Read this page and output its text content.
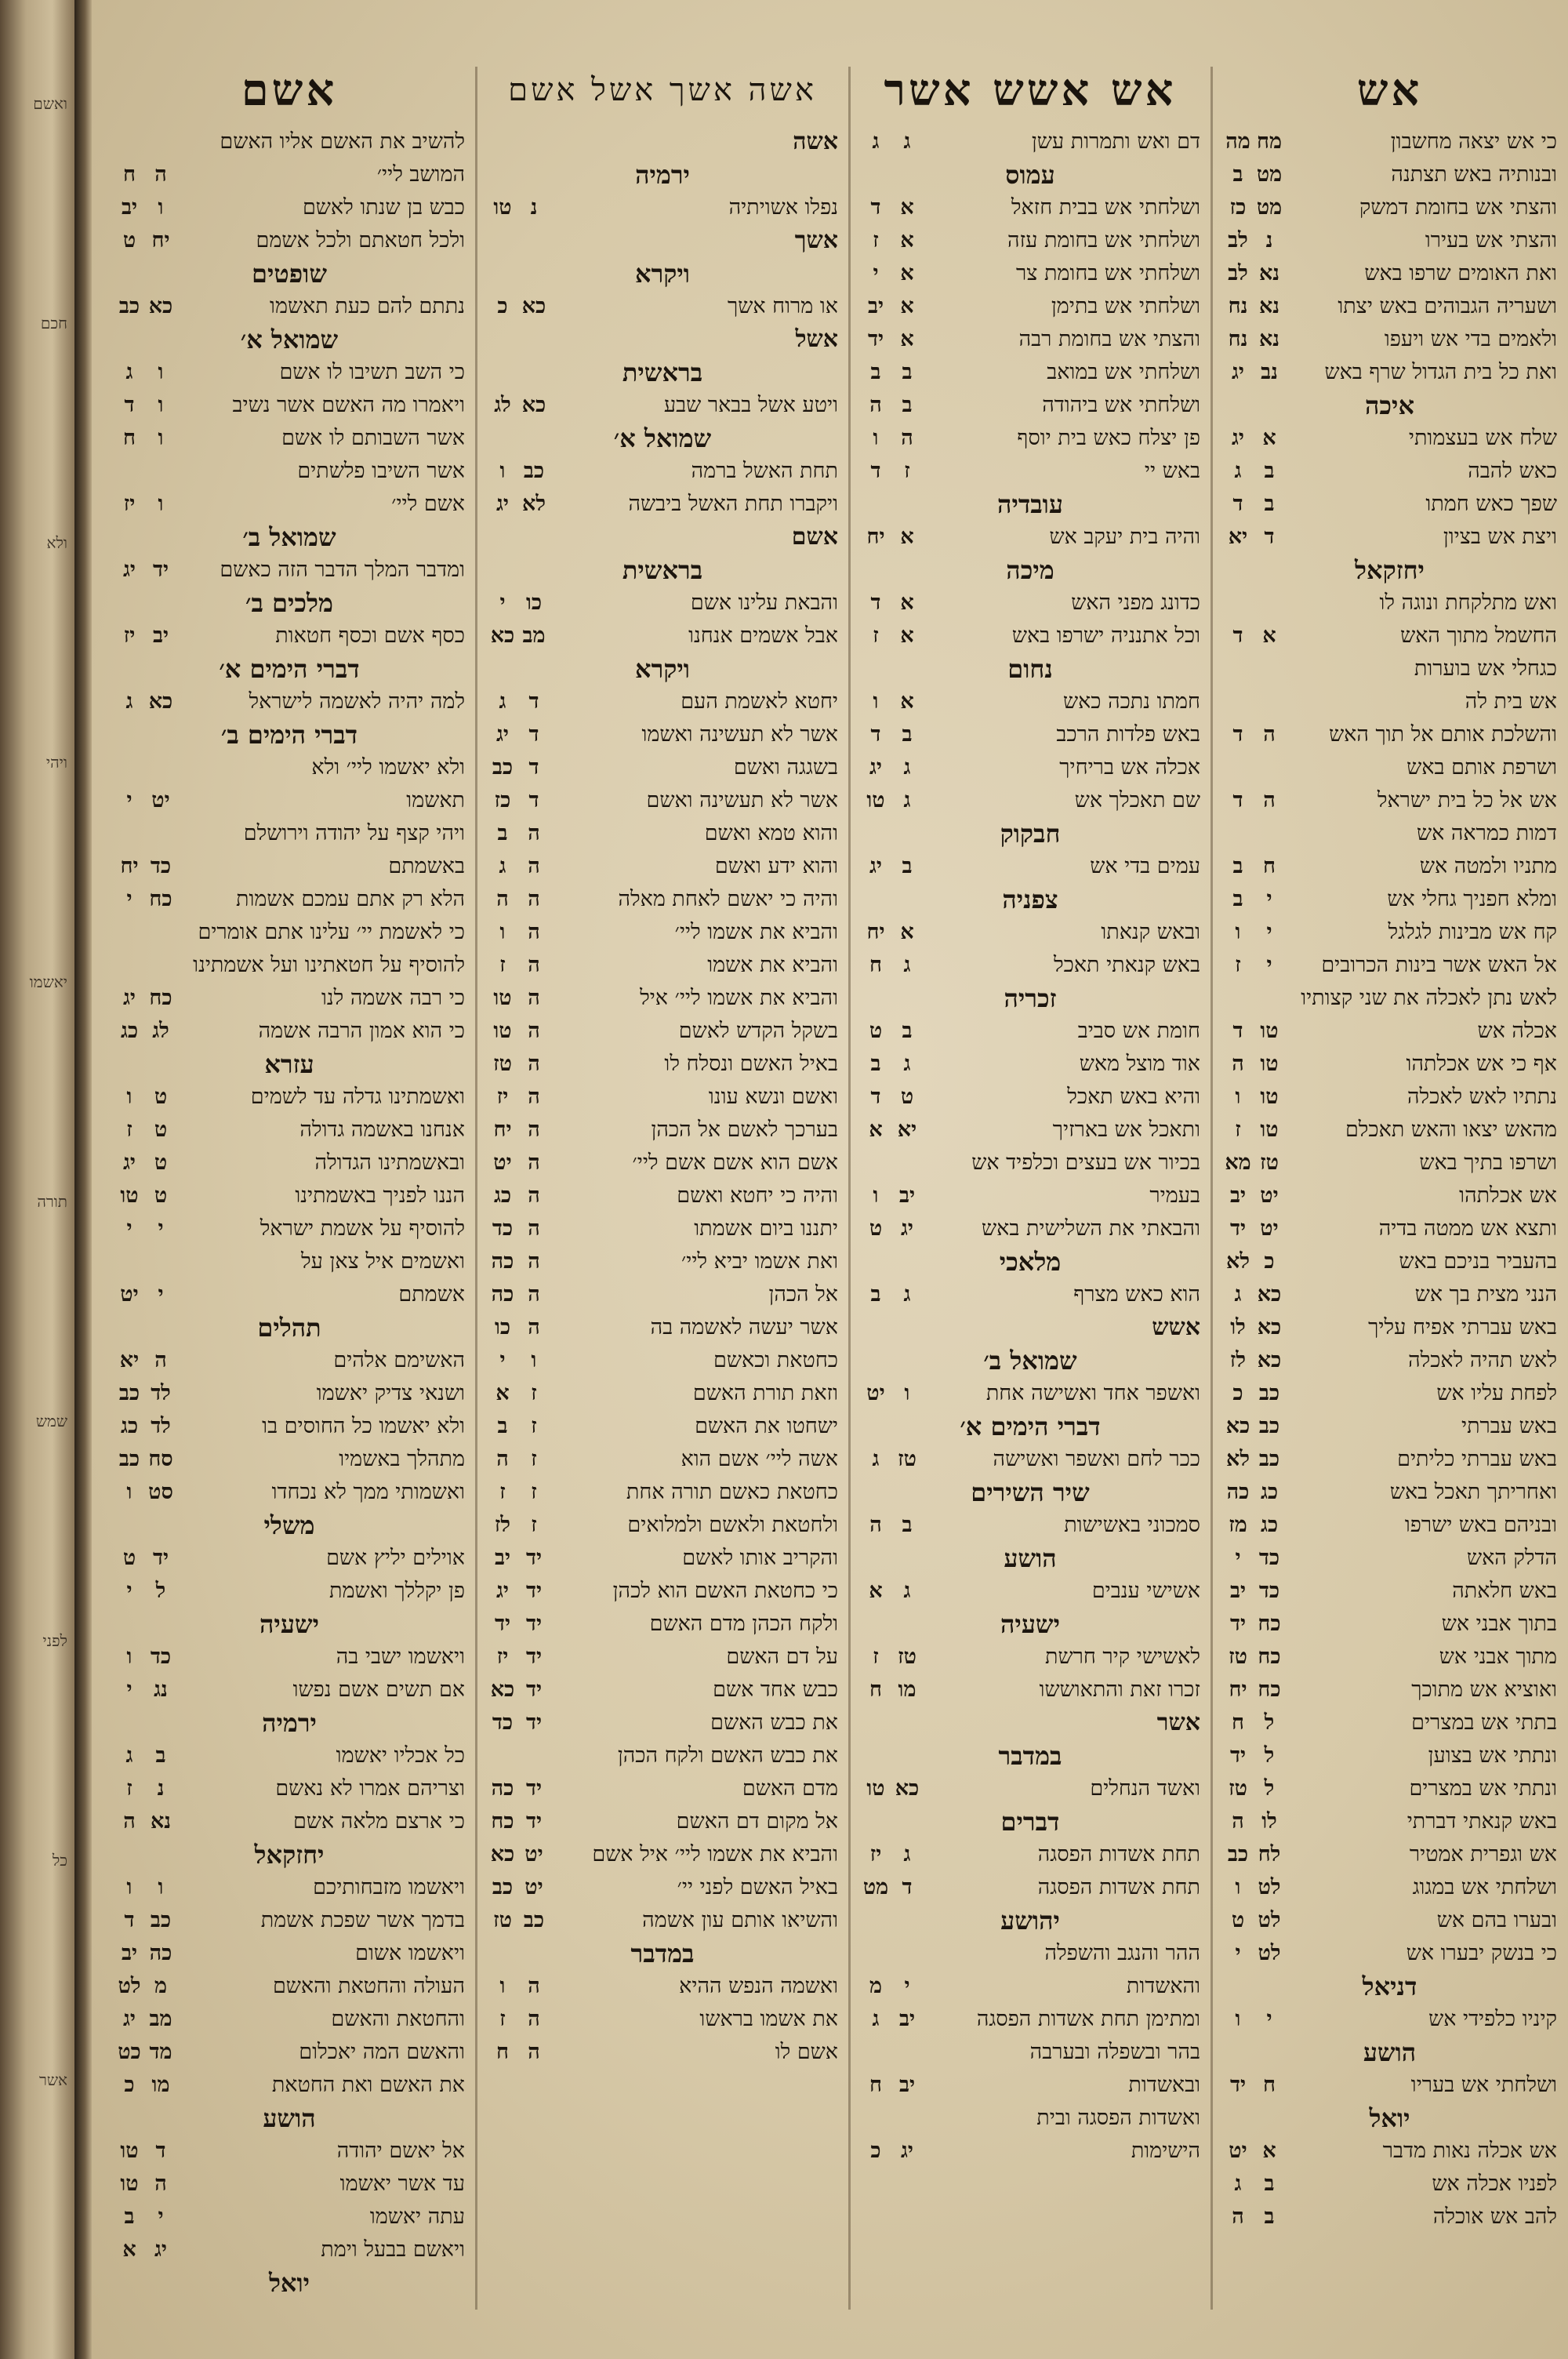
ואשם
חכם
ולא
ויהי
יאשמו
תורה
שמש
לפני
כל
אשר
אש
כי אש יצאה מחשבון
מח
מה
ובנותיה באש תצתנה
מט
ב
והצתי אש בחומת דמשק
מט
כז
והצתי אש בעירו
נ
לב
ואת האומים שרפו באש
נא
לב
ושעריה הגבוהים באש יצתו
נא
נח
ולאמים בדי אש ויעפו
נא
נח
ואת כל בית הגדול שרף באש
נב
יג
איכה
שלח אש בעצמותי
א
יג
כאש להבה
ב
ג
שפך כאש חמתו
ב
ד
ויצת אש בציון
ד
יא
יחזקאל
ואש מתלקחת ונוגה לו
החשמל מתוך האש
א
ד
כגחלי אש בוערות
אש בית לה
והשלכת אותם אל תוך האש
ה
ד
ושרפת אותם באש
אש אל כל בית ישראל
ה
ד
דמות כמראה אש
מתניו ולמטה אש
ח
ב
ומלא חפניך גחלי אש
י
ב
קח אש מבינות לגלגל
י
ו
אל האש אשר בינות הכרובים
י
ז
לאש נתן לאכלה את שני קצותיו
אכלה אש
טו
ד
אף כי אש אכלתהו
טו
ה
נתתיו לאש לאכלה
טו
ו
מהאש יצאו והאש תאכלם
טו
ז
ושרפו בתיך באש
טז
מא
אש אכלתהו
יט
יב
ותצא אש ממטה בדיה
יט
יד
בהעביר בניכם באש
כ
לא
הנני מצית בך אש
כא
ג
באש עברתי אפיח עליך
כא
לו
לאש תהיה לאכלה
כא
לז
לפחת עליו אש
כב
כ
באש עברתי
כב
כא
באש עברתי כליתים
כב
לא
ואחריתך תאכל באש
כג
כה
ובניהם באש ישרפו
כג
מז
הדלק האש
כד
י
באש חלאתה
כד
יב
בתוך אבני אש
כח
יד
מתוך אבני אש
כח
טז
ואוציא אש מתוכך
כח
יח
בתתי אש במצרים
ל
ח
ונתתי אש בצוען
ל
יד
ונתתי אש במצרים
ל
טז
באש קנאתי דברתי
לו
ה
אש וגפרית אמטיר
לח
כב
ושלחתי אש במגוג
לט
ו
ובערו בהם אש
לט
ט
כי בנשק יבערו אש
לט
י
דניאל
קיניו כלפידי אש
י
ו
הושע
ושלחתי אש בעריו
ח
יד
יואל
אש אכלה נאות מדבר
א
יט
לפניו אכלה אש
ב
ג
להב אש אוכלה
ב
ה
אש אשש אשר
דם ואש ותמרות עשן
ג
ג
עמוס
ושלחתי אש בבית חזאל
א
ד
ושלחתי אש בחומת עזה
א
ז
ושלחתי אש בחומת צר
א
י
ושלחתי אש בתימן
א
יב
והצתי אש בחומת רבה
א
יד
ושלחתי אש במואב
ב
ב
ושלחתי אש ביהודה
ב
ה
פן יצלח כאש בית יוסף
ה
ו
באש יי
ז
ד
עובדיה
והיה בית יעקב אש
א
יח
מיכה
כדונג מפני האש
א
ד
וכל אתנניה ישרפו באש
א
ז
נחום
חמתו נתכה כאש
א
ו
באש פלדות הרכב
ב
ד
אכלה אש בריחיך
ג
יג
שם תאכלך אש
ג
טו
חבקוק
עמים בדי אש
ב
יג
צפניה
ובאש קנאתו
א
יח
באש קנאתי תאכל
ג
ח
זכריה
חומת אש סביב
ב
ט
אוד מוצל מאש
ג
ב
והיא באש תאכל
ט
ד
ותאכל אש בארזיך
יא
א
בכיור אש בעצים וכלפיד אש
בעמיר
יב
ו
והבאתי את השלישית באש
יג
ט
מלאכי
הוא כאש מצרף
ג
ב
אשש
שמואל ב׳
ואשפר אחד ואשישה אחת
ו
יט
דברי הימים א׳
ככר לחם ואשפר ואשישה
טז
ג
שיר השירים
סמכוני באשישות
ב
ה
הושע
אשישי ענבים
ג
א
ישעיה
לאשישי קיר חרשת
טז
ז
זכרו זאת והתאוששו
מו
ח
אשר
במדבר
ואשד הנחלים
כא
טו
דברים
תחת אשדות הפסגה
ג
יז
תחת אשדות הפסגה
ד
מט
יהושע
ההר והנגב והשפלה
והאשדות
י
מ
ומתימן תחת אשדות הפסגה
יב
ג
בהר ובשפלה ובערבה
ובאשדות
יב
ח
ואשדות הפסגה ובית
הישימות
יג
כ
אשה אשך אשל אשם
אשה
ירמיה
נפלו אשויתיה
נ
טו
אשך
ויקרא
או מרוח אשך
כא
כ
אשל
בראשית
ויטע אשל בבאר שבע
כא
לג
שמואל א׳
תחת האשל ברמה
כב
ו
ויקברו תחת האשל ביבשה
לא
יג
אשם
בראשית
והבאת עלינו אשם
כו
י
אבל אשמים אנחנו
מב
כא
ויקרא
יחטא לאשמת העם
ד
ג
אשר לא תעשינה ואשמו
ד
יג
בשגגה ואשם
ד
כב
אשר לא תעשינה ואשם
ד
כז
והוא טמא ואשם
ה
ב
והוא ידע ואשם
ה
ג
והיה כי יאשם לאחת מאלה
ה
ה
והביא את אשמו ליי׳
ה
ו
והביא את אשמו
ה
ז
והביא את אשמו ליי׳ איל
ה
טו
בשקל הקדש לאשם
ה
טו
באיל האשם ונסלח לו
ה
טז
ואשם ונשא עונו
ה
יז
בערכך לאשם אל הכהן
ה
יח
אשם הוא אשם אשם ליי׳
ה
יט
והיה כי יחטא ואשם
ה
כג
יתננו ביום אשמתו
ה
כד
ואת אשמו יביא ליי׳
ה
כה
אל הכהן
ה
כה
אשר יעשה לאשמה בה
ה
כו
כחטאת וכאשם
ו
י
וזאת תורת האשם
ז
א
ישחטו את האשם
ז
ב
אשה ליי׳ אשם הוא
ז
ה
כחטאת כאשם תורה אחת
ז
ז
ולחטאת ולאשם ולמלואים
ז
לז
והקריב אותו לאשם
יד
יב
כי כחטאת האשם הוא לכהן
יד
יג
ולקח הכהן מדם האשם
יד
יד
על דם האשם
יד
יז
כבש אחד אשם
יד
כא
את כבש האשם
יד
כד
את כבש האשם ולקח הכהן
מדם האשם
יד
כה
אל מקום דם האשם
יד
כח
והביא את אשמו ליי׳ איל אשם
יט
כא
באיל האשם לפני יי׳
יט
כב
והשיאו אותם עון אשמה
כב
טז
במדבר
ואשמה הנפש ההיא
ה
ו
את אשמו בראשו
ה
ז
אשם לו
ה
ח
אשם
להשיב את האשם אליו האשם
המושב ליי׳
ה
ח
כבש בן שנתו לאשם
ו
יב
ולכל חטאתם ולכל אשמם
יח
ט
שופטים
נתתם להם כעת תאשמו
כא
כב
שמואל א׳
כי השב תשיבו לו אשם
ו
ג
ויאמרו מה האשם אשר נשיב
ו
ד
אשר השבותם לו אשם
ו
ח
אשר השיבו פלשתים
אשם ליי׳
ו
יז
שמואל ב׳
ומדבר המלך הדבר הזה כאשם
יד
יג
מלכים ב׳
כסף אשם וכסף חטאות
יב
יז
דברי הימים א׳
למה יהיה לאשמה לישראל
כא
ג
דברי הימים ב׳
ולא יאשמו ליי׳ ולא
תאשמו
יט
י
ויהי קצף על יהודה וירושלם
באשמתם
כד
יח
הלא רק אתם עמכם אשמות
כח
י
כי לאשמת יי׳ עלינו אתם אומרים
להוסיף על חטאתינו ועל אשמתינו
כי רבה אשמה לנו
כח
יג
כי הוא אמון הרבה אשמה
לג
כג
עזרא
ואשמתינו גדלה עד לשמים
ט
ו
אנחנו באשמה גדולה
ט
ז
ובאשמתינו הגדולה
ט
יג
הננו לפניך באשמתינו
ט
טו
להוסיף על אשמת ישראל
י
י
ואשמים איל צאן על
אשמתם
י
יט
תהלים
האשימם אלהים
ה
יא
ושנאי צדיק יאשמו
לד
כב
ולא יאשמו כל החוסים בו
לד
כג
מתהלך באשמיו
סח
כב
ואשמותי ממך לא נכחדו
סט
ו
משלי
אוילים יליץ אשם
יד
ט
פן יקללך ואשמת
ל
י
ישעיה
ויאשמו ישבי בה
כד
ו
אם תשים אשם נפשו
נג
י
ירמיה
כל אכליו יאשמו
ב
ג
וצריהם אמרו לא נאשם
נ
ז
כי ארצם מלאה אשם
נא
ה
יחזקאל
ויאשמו מזבחותיכם
ו
ו
בדמך אשר שפכת אשמת
כב
ד
ויאשמו אשום
כה
יב
העולה והחטאת והאשם
מ
לט
והחטאת והאשם
מב
יג
והאשם המה יאכלום
מד
כט
את האשם ואת החטאת
מו
כ
הושע
אל יאשם יהודה
ד
טו
עד אשר יאשמו
ה
טו
עתה יאשמו
י
ב
ויאשם בבעל וימת
יג
א
יואל
